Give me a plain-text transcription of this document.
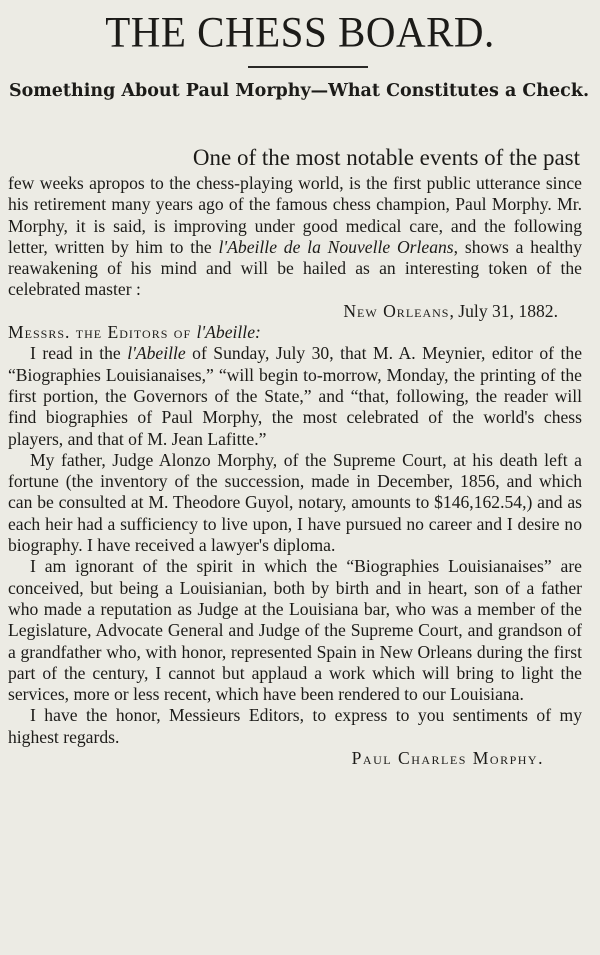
THE CHESS BOARD.
Something About Paul Morphy—What Constitutes a Check.

One of the most notable events of the past
few weeks apropos to the chess-playing world, is the first public utterance since his retirement many years ago of the famous chess champion, Paul Morphy. Mr. Morphy, it is said, is improving under good medical care, and the following letter, written by him to the l'Abeille de la Nouvelle Orleans, shows a healthy reawakening of his mind and will be hailed as an interesting token of the celebrated master :

New Orleans, July 31, 1882.

Messrs. the Editors of l'Abeille:

I read in the l'Abeille of Sunday, July 30, that M. A. Meynier, editor of the “Biographies Louisianaises,” “will begin to-morrow, Monday, the printing of the first portion, the Governors of the State,” and “that, following, the reader will find biographies of Paul Morphy, the most celebrated of the world's chess players, and that of M. Jean Lafitte.”

My father, Judge Alonzo Morphy, of the Supreme Court, at his death left a fortune (the inventory of the succession, made in December, 1856, and which can be consulted at M. Theodore Guyol, notary, amounts to $146,162.54,) and as each heir had a sufficiency to live upon, I have pursued no career and I desire no biography. I have received a lawyer's diploma.

I am ignorant of the spirit in which the “Biographies Louisianaises” are conceived, but being a Louisianian, both by birth and in heart, son of a father who made a reputation as Judge at the Louisiana bar, who was a member of the Legislature, Advocate General and Judge of the Supreme Court, and grandson of a grandfather who, with honor, represented Spain in New Orleans during the first part of the century, I cannot but applaud a work which will bring to light the services, more or less recent, which have been rendered to our Louisiana.

I have the honor, Messieurs Editors, to express to you sentiments of my highest regards.

Paul Charles Morphy.
